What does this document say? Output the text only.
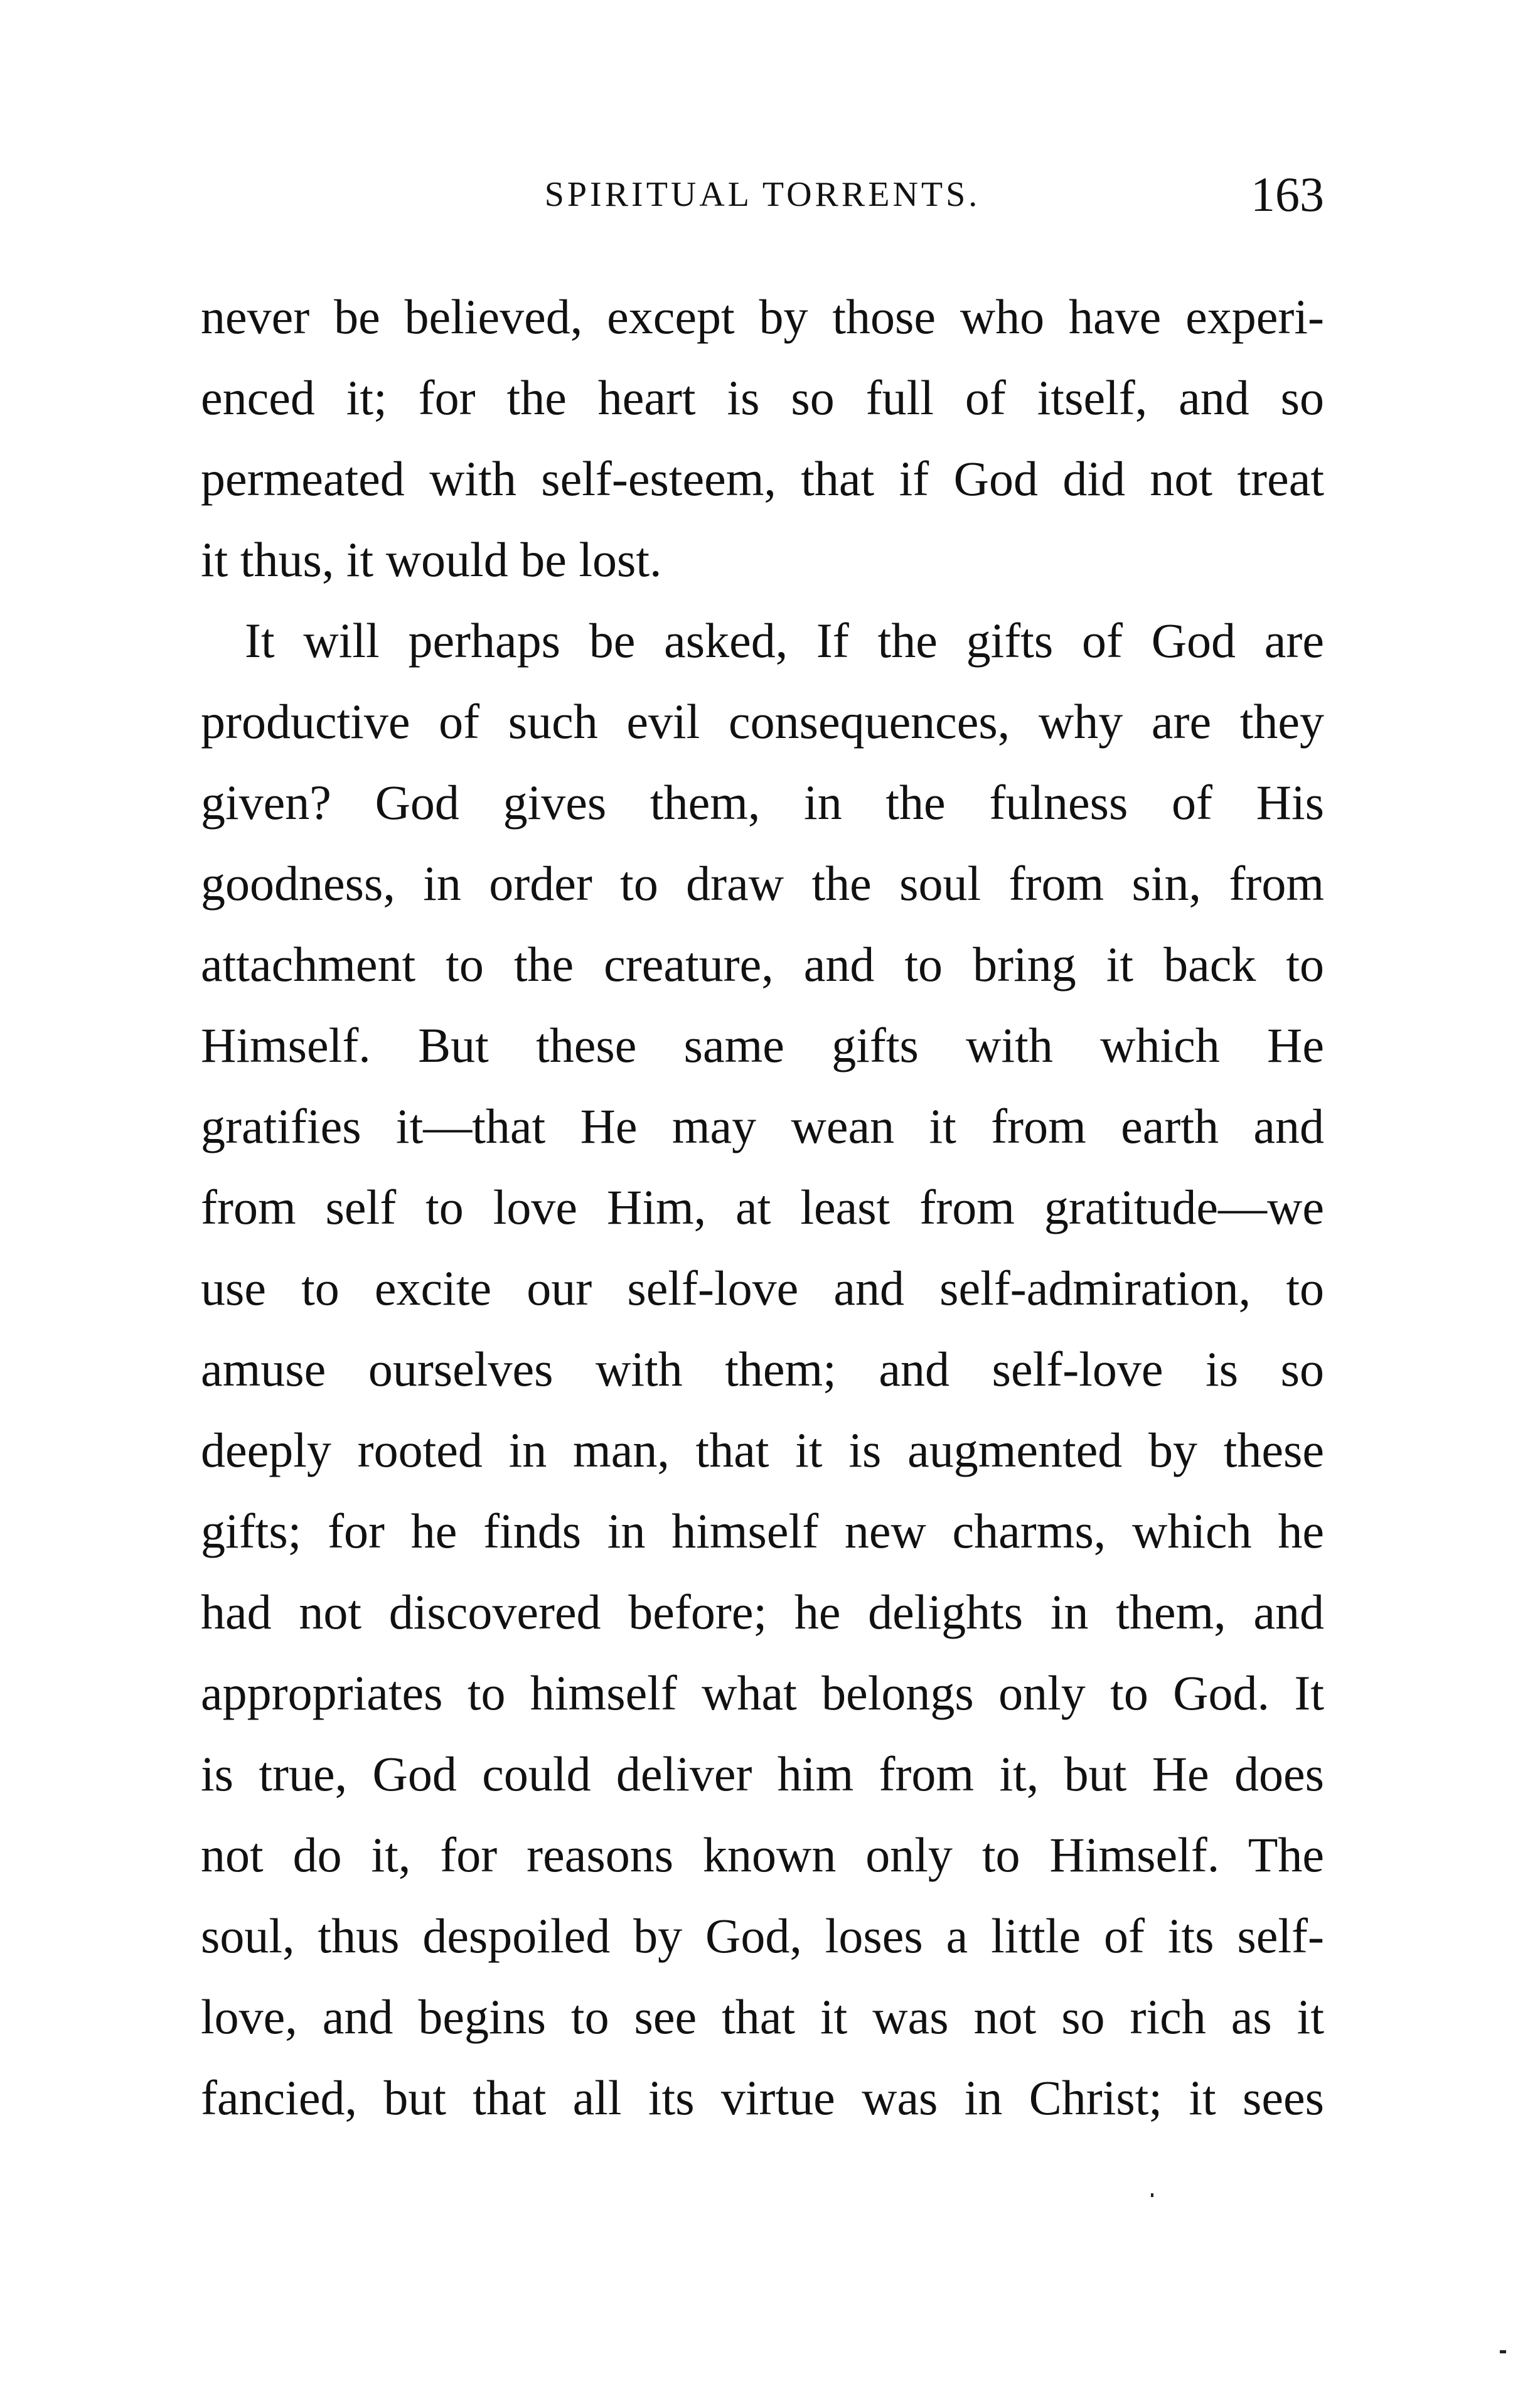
SPIRITUAL TORRENTS.	163
never be believed, except by those who have experi-
enced it; for the heart is so full of itself, and so
permeated with self-esteem, that if God did not treat
it thus, it would be lost.
It will perhaps be asked, If the gifts of God are
productive of such evil consequences, why are they
given? God gives them, in the fulness of His
goodness, in order to draw the soul from sin, from
attachment to the creature, and to bring it back to
Himself. But these same gifts with which He
gratifies it—that He may wean it from earth and
from self to love Him, at least from gratitude—we
use to excite our self-love and self-admiration, to
amuse ourselves with them; and self-love is so
deeply rooted in man, that it is augmented by these
gifts; for he finds in himself new charms, which he
had not discovered before; he delights in them, and
appropriates to himself what belongs only to God. It
is true, God could deliver him from it, but He does
not do it, for reasons known only to Himself. The
soul, thus despoiled by God, loses a little of its self-
love, and begins to see that it was not so rich as it
fancied, but that all its virtue was in Christ; it sees
